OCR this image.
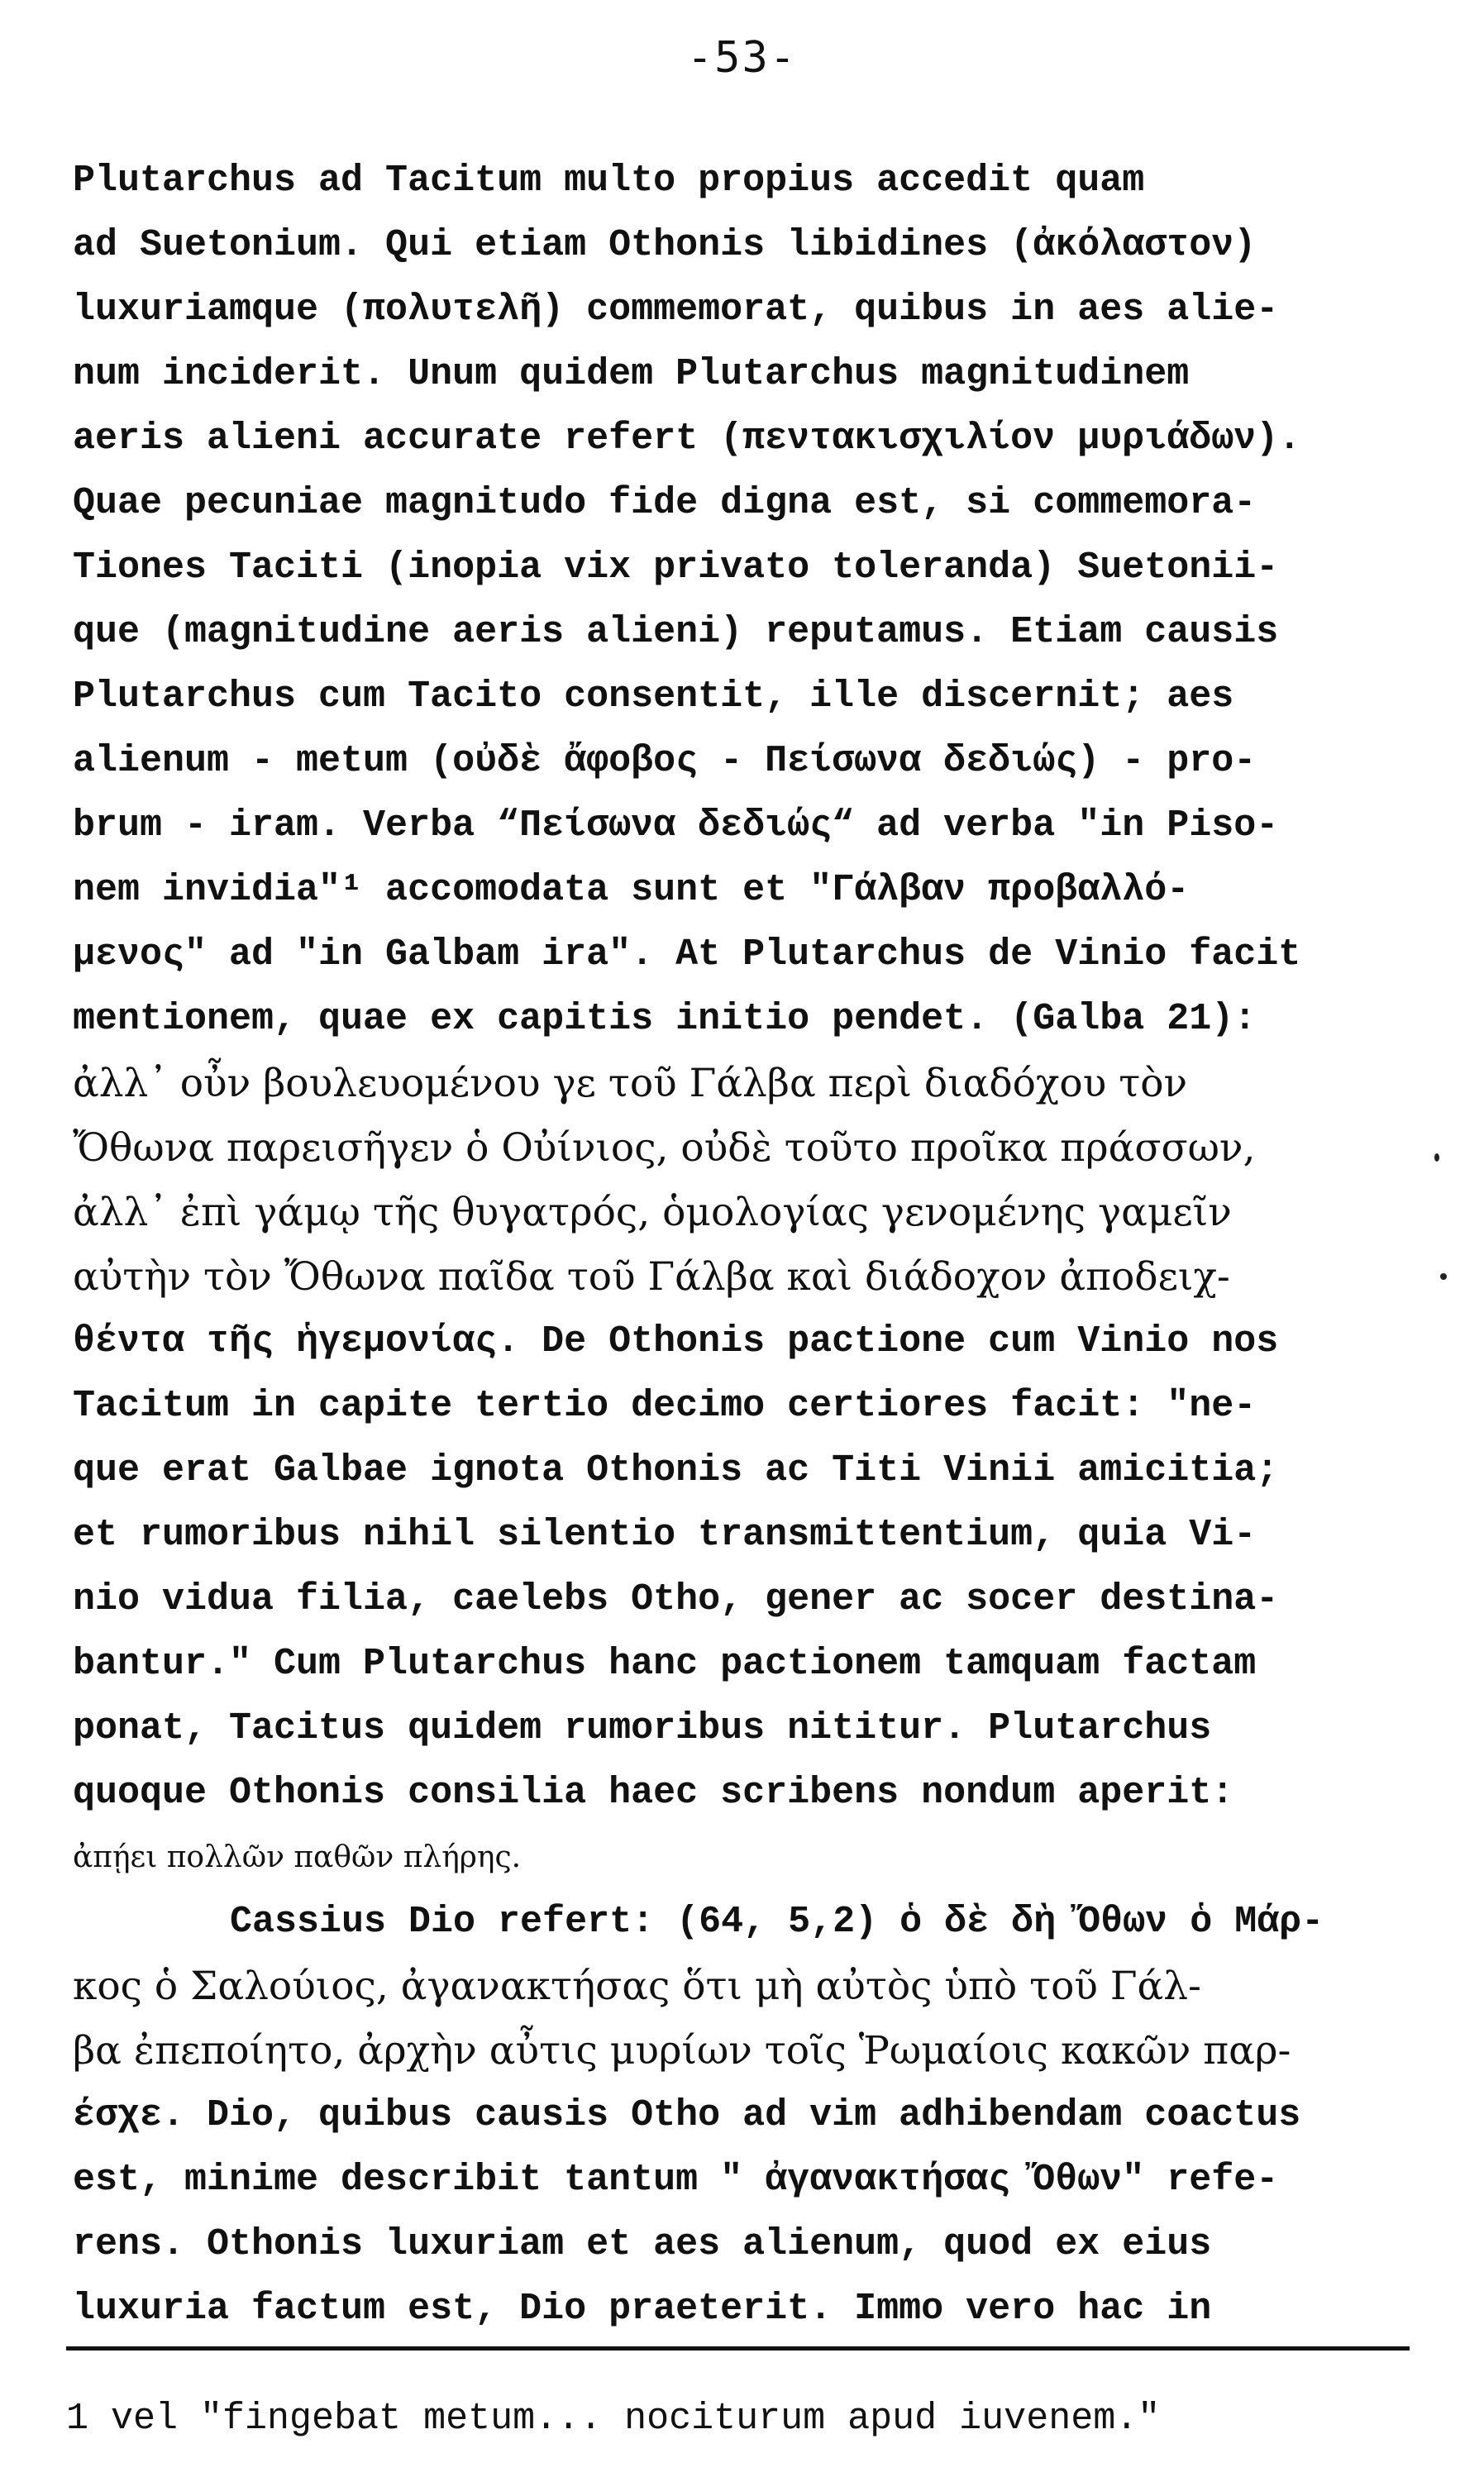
-53-
Plutarchus ad Tacitum multo propius accedit quam
ad Suetonium. Qui etiam Othonis libidines (ἀκόλαστον)
luxuriamque (πολυτελῆ) commemorat, quibus in aes alie-
num inciderit. Unum quidem Plutarchus magnitudinem
aeris alieni accurate refert (πεντακισχιλίον μυριάδων).
Quae pecuniae magnitudo fide digna est, si commemora-
Tiones Taciti (inopia vix privato toleranda) Suetonii-
que (magnitudine aeris alieni) reputamus. Etiam causis
Plutarchus cum Tacito consentit, ille discernit; aes
alienum - metum (οὐδὲ ἄφοβος - Πείσωνα δεδιώς) - pro-
brum - iram. Verba “Πείσωνα δεδιώς“ ad verba "in Piso-
nem invidia"¹ accomodata sunt et "Γάλβαν προβαλλό-
μενος" ad "in Galbam ira". At Plutarchus de Vinio facit
mentionem, quae ex capitis initio pendet. (Galba 21):
ἀλλ᾽ οὖν βουλευομένου γε τοῦ Γάλβα περὶ διαδόχου τὸν
Ὄθωνα παρεισῆγεν ὁ Οὐίνιος, οὐδὲ τοῦτο προῖκα πράσσων,
ἀλλ᾽ ἐπὶ γάμῳ τῆς θυγατρός, ὁμολογίας γενομένης γαμεῖν
αὐτὴν τὸν Ὄθωνα παῖδα τοῦ Γάλβα καὶ διάδοχον ἀποδειχ-
θέντα τῆς ἡγεμονίας. De Othonis pactione cum Vinio nos
Tacitum in capite tertio decimo certiores facit: "ne-
que erat Galbae ignota Othonis ac Titi Vinii amicitia;
et rumoribus nihil silentio transmittentium, quia Vi-
nio vidua filia, caelebs Otho, gener ac socer destina-
bantur." Cum Plutarchus hanc pactionem tamquam factam
ponat, Tacitus quidem rumoribus nititur. Plutarchus
quoque Othonis consilia haec scribens nondum aperit:
ἀπῄει πολλῶν παθῶν πλήρης.
Cassius Dio refert: (64, 5,2) ὁ δὲ δὴ Ὄθων ὁ Μάρ-
κος ὁ Σαλούιος, ἀγανακτήσας ὅτι μὴ αὐτὸς ὑπὸ τοῦ Γάλ-
βα ἐπεποίητο, ἀρχὴν αὖτις μυρίων τοῖς Ῥωμαίοις κακῶν παρ-
έσχε. Dio, quibus causis Otho ad vim adhibendam coactus
est, minime describit tantum " ἀγανακτήσας Ὄθων" refe-
rens. Othonis luxuriam et aes alienum, quod ex eius
luxuria factum est, Dio praeterit. Immo vero hac in
1 vel "fingebat metum... nociturum apud iuvenem."
